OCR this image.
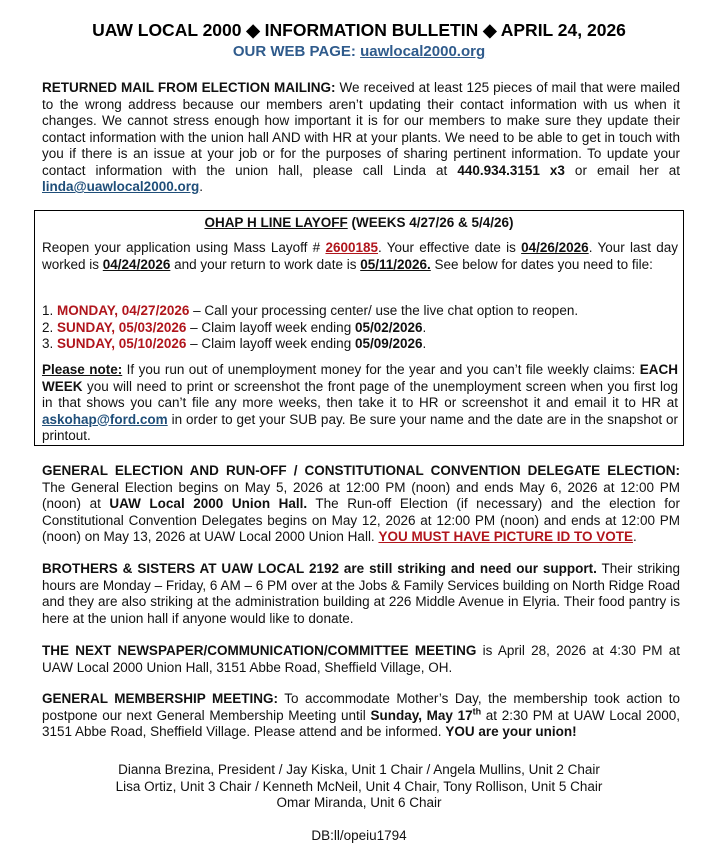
UAW LOCAL 2000 ◆ INFORMATION BULLETIN ◆ APRIL 24, 2026
OUR WEB PAGE: uawlocal2000.org
RETURNED MAIL FROM ELECTION MAILING: We received at least 125 pieces of mail that were mailed to the wrong address because our members aren’t updating their contact information with us when it changes. We cannot stress enough how important it is for our members to make sure they update their contact information with the union hall AND with HR at your plants. We need to be able to get in touch with you if there is an issue at your job or for the purposes of sharing pertinent information. To update your contact information with the union hall, please call Linda at 440.934.3151 x3 or email her at linda@uawlocal2000.org.
OHAP H LINE LAYOFF (WEEKS 4/27/26 & 5/4/26)
Reopen your application using Mass Layoff # 2600185. Your effective date is 04/26/2026. Your last day worked is 04/24/2026 and your return to work date is 05/11/2026. See below for dates you need to file:
1. MONDAY, 04/27/2026 – Call your processing center/ use the live chat option to reopen.
2. SUNDAY, 05/03/2026 – Claim layoff week ending 05/02/2026.
3. SUNDAY, 05/10/2026 – Claim layoff week ending 05/09/2026.
Please note: If you run out of unemployment money for the year and you can’t file weekly claims: EACH WEEK you will need to print or screenshot the front page of the unemployment screen when you first log in that shows you can’t file any more weeks, then take it to HR or screenshot it and email it to HR at askohap@ford.com in order to get your SUB pay. Be sure your name and the date are in the snapshot or printout.
GENERAL ELECTION AND RUN-OFF / CONSTITUTIONAL CONVENTION DELEGATE ELECTION: The General Election begins on May 5, 2026 at 12:00 PM (noon) and ends May 6, 2026 at 12:00 PM (noon) at UAW Local 2000 Union Hall. The Run-off Election (if necessary) and the election for Constitutional Convention Delegates begins on May 12, 2026 at 12:00 PM (noon) and ends at 12:00 PM (noon) on May 13, 2026 at UAW Local 2000 Union Hall. YOU MUST HAVE PICTURE ID TO VOTE.
BROTHERS & SISTERS AT UAW LOCAL 2192 are still striking and need our support. Their striking hours are Monday – Friday, 6 AM – 6 PM over at the Jobs & Family Services building on North Ridge Road and they are also striking at the administration building at 226 Middle Avenue in Elyria. Their food pantry is here at the union hall if anyone would like to donate.
THE NEXT NEWSPAPER/COMMUNICATION/COMMITTEE MEETING is April 28, 2026 at 4:30 PM at UAW Local 2000 Union Hall, 3151 Abbe Road, Sheffield Village, OH.
GENERAL MEMBERSHIP MEETING: To accommodate Mother’s Day, the membership took action to postpone our next General Membership Meeting until Sunday, May 17th at 2:30 PM at UAW Local 2000, 3151 Abbe Road, Sheffield Village. Please attend and be informed. YOU are your union!
Dianna Brezina, President / Jay Kiska, Unit 1 Chair / Angela Mullins, Unit 2 Chair
Lisa Ortiz, Unit 3 Chair / Kenneth McNeil, Unit 4 Chair, Tony Rollison, Unit 5 Chair
Omar Miranda, Unit 6 Chair
DB:ll/opeiu1794
